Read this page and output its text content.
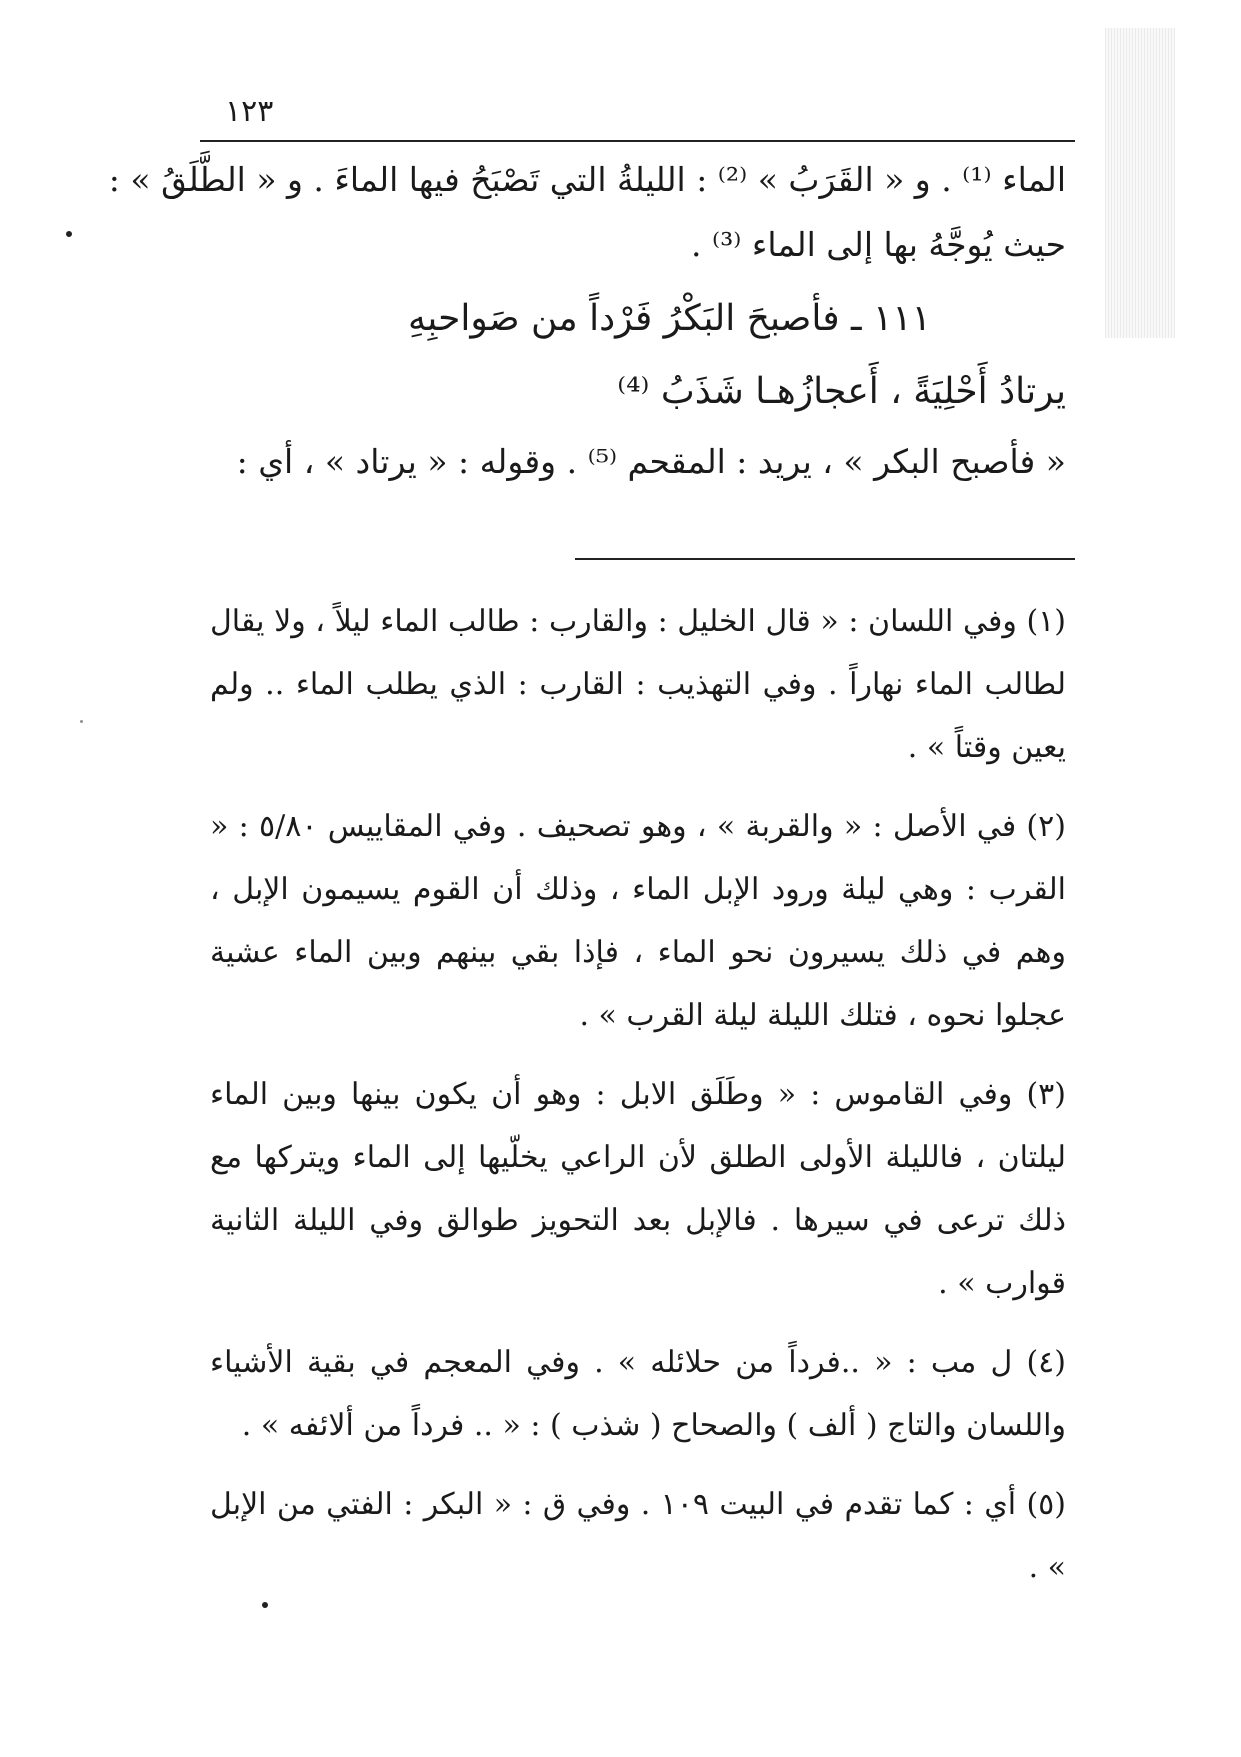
١٢٣
الماء ⁽¹⁾ . و « القَرَبُ » ⁽²⁾ : الليلةُ التي تَصْبَحُ فيها الماءَ . و « الطَّلَقُ » :
حيث يُوجَّهُ بها إلى الماء ⁽³⁾ .
١١١ ـ فأصبحَ البَكْرُ فَرْداً من صَواحبِهِ
يرتادُ أَحْلِيَةً ، أَعجازُهـا شَذَبُ ⁽⁴⁾
« فأصبح البكر » ، يريد : المقحم ⁽⁵⁾ . وقوله : « يرتاد » ، أي :

(١) وفي اللسان : « قال الخليل : والقارب : طالب الماء ليلاً ، ولا يقال لطالب الماء نهاراً . وفي التهذيب : القارب : الذي يطلب الماء .. ولم يعين وقتاً » .

(٢) في الأصل : « والقربة » ، وهو تصحيف . وفي المقاييس ٥/٨٠ : « القرب : وهي ليلة ورود الإبل الماء ، وذلك أن القوم يسيمون الإبل ، وهم في ذلك يسيرون نحو الماء ، فإذا بقي بينهم وبين الماء عشية عجلوا نحوه ، فتلك الليلة ليلة القرب » .

(٣) وفي القاموس : « وطَلَق الابل : وهو أن يكون بينها وبين الماء ليلتان ، فالليلة الأولى الطلق لأن الراعي يخلّيها إلى الماء ويتركها مع ذلك ترعى في سيرها . فالإبل بعد التحويز طوالق وفي الليلة الثانية قوارب » .

(٤) ل مب : « ..فرداً من حلائله » . وفي المعجم في بقية الأشياء واللسان والتاج ( ألف ) والصحاح ( شذب ) : « .. فرداً من ألائفه » .

(٥) أي : كما تقدم في البيت ١٠٩ . وفي ق : « البكر : الفتي من الإبل » .
